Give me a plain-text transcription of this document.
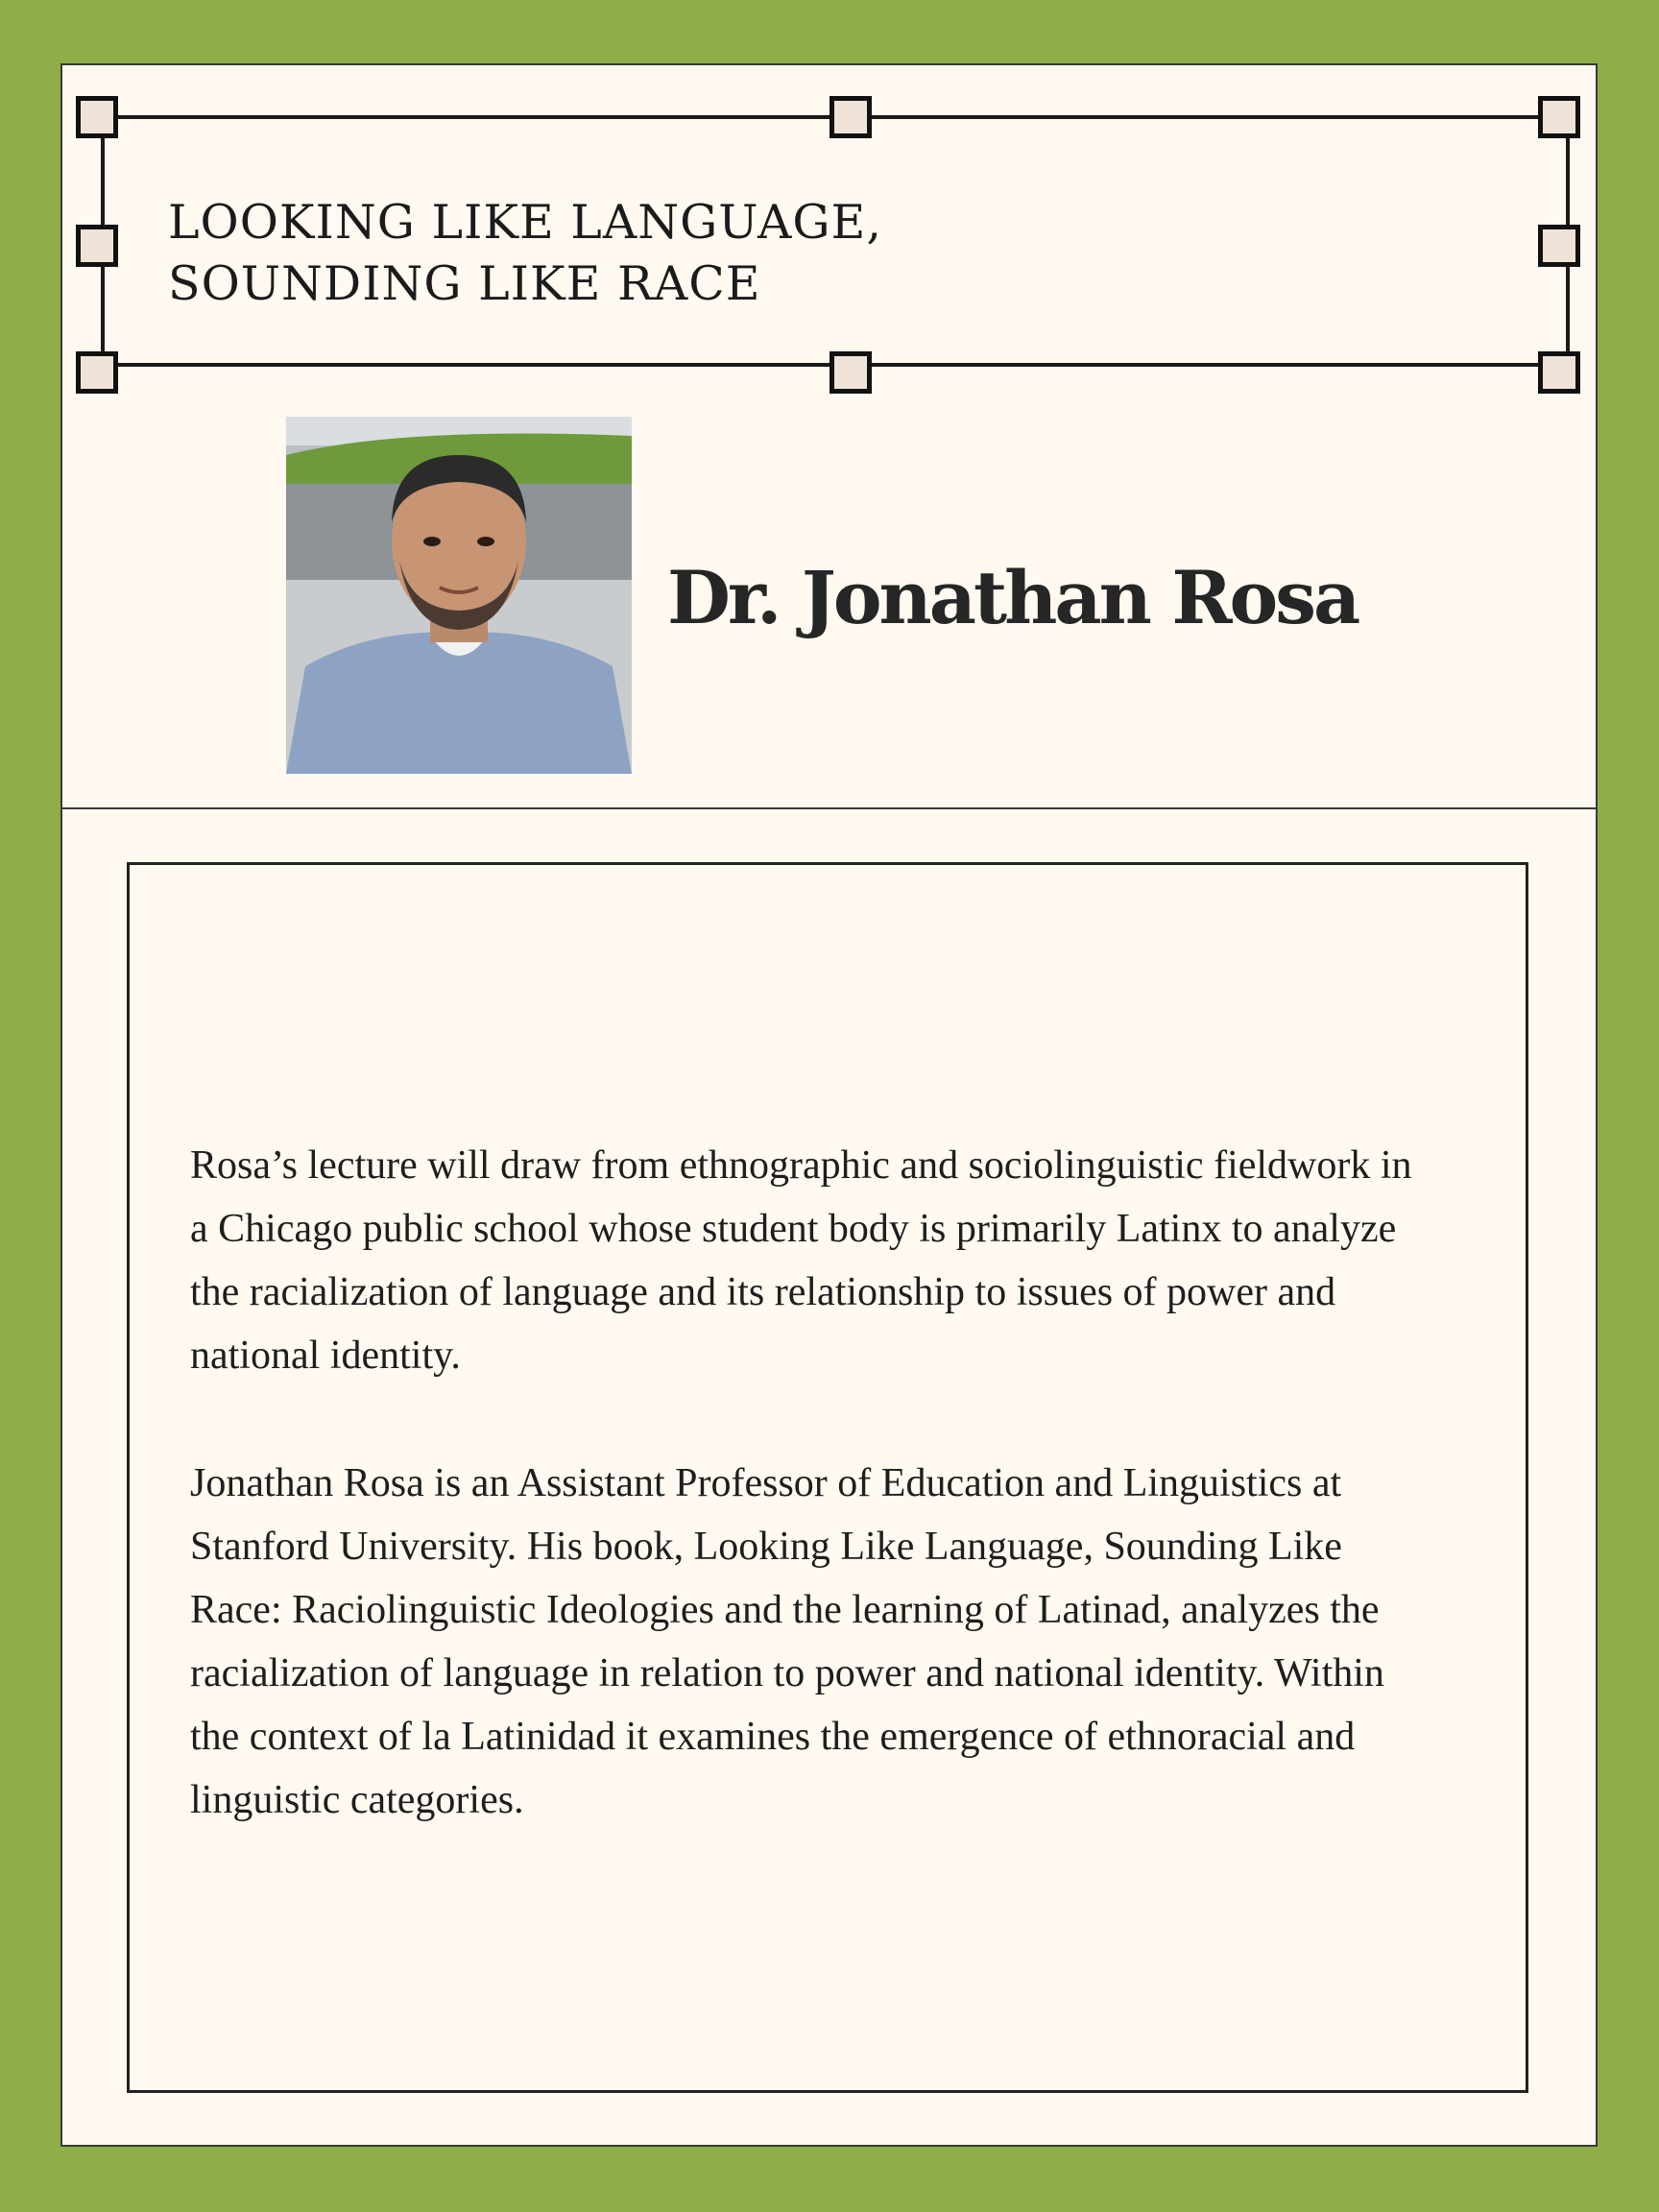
LOOKING LIKE LANGUAGE,
SOUNDING LIKE RACE
Dr. Jonathan Rosa

Rosa’s lecture will draw from ethnographic and sociolinguistic fieldwork in a Chicago public school whose student body is primarily Latinx to analyze the racialization of language and its relationship to issues of power and national identity.

Jonathan Rosa is an Assistant Professor of Education and Linguistics at Stanford University. His book, Looking Like Language, Sounding Like Race: Raciolinguistic Ideologies and the learning of Latinad, analyzes the racialization of language in relation to power and national identity. Within the context of la Latinidad it examines the emergence of ethnoracial and linguistic categories.
